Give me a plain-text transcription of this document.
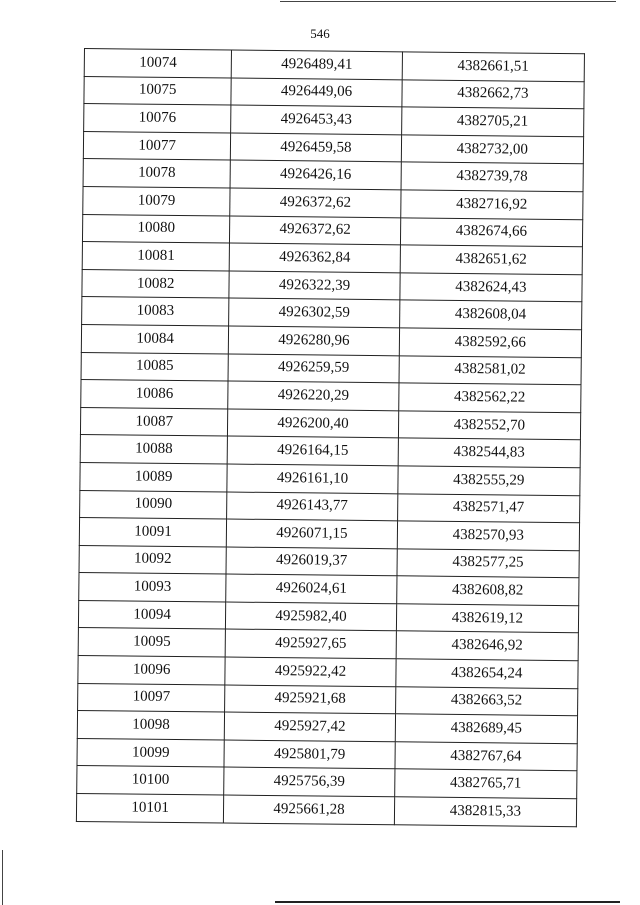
546
10074	4926489,41	4382661,51
10075	4926449,06	4382662,73
10076	4926453,43	4382705,21
10077	4926459,58	4382732,00
10078	4926426,16	4382739,78
10079	4926372,62	4382716,92
10080	4926372,62	4382674,66
10081	4926362,84	4382651,62
10082	4926322,39	4382624,43
10083	4926302,59	4382608,04
10084	4926280,96	4382592,66
10085	4926259,59	4382581,02
10086	4926220,29	4382562,22
10087	4926200,40	4382552,70
10088	4926164,15	4382544,83
10089	4926161,10	4382555,29
10090	4926143,77	4382571,47
10091	4926071,15	4382570,93
10092	4926019,37	4382577,25
10093	4926024,61	4382608,82
10094	4925982,40	4382619,12
10095	4925927,65	4382646,92
10096	4925922,42	4382654,24
10097	4925921,68	4382663,52
10098	4925927,42	4382689,45
10099	4925801,79	4382767,64
10100	4925756,39	4382765,71
10101	4925661,28	4382815,33
